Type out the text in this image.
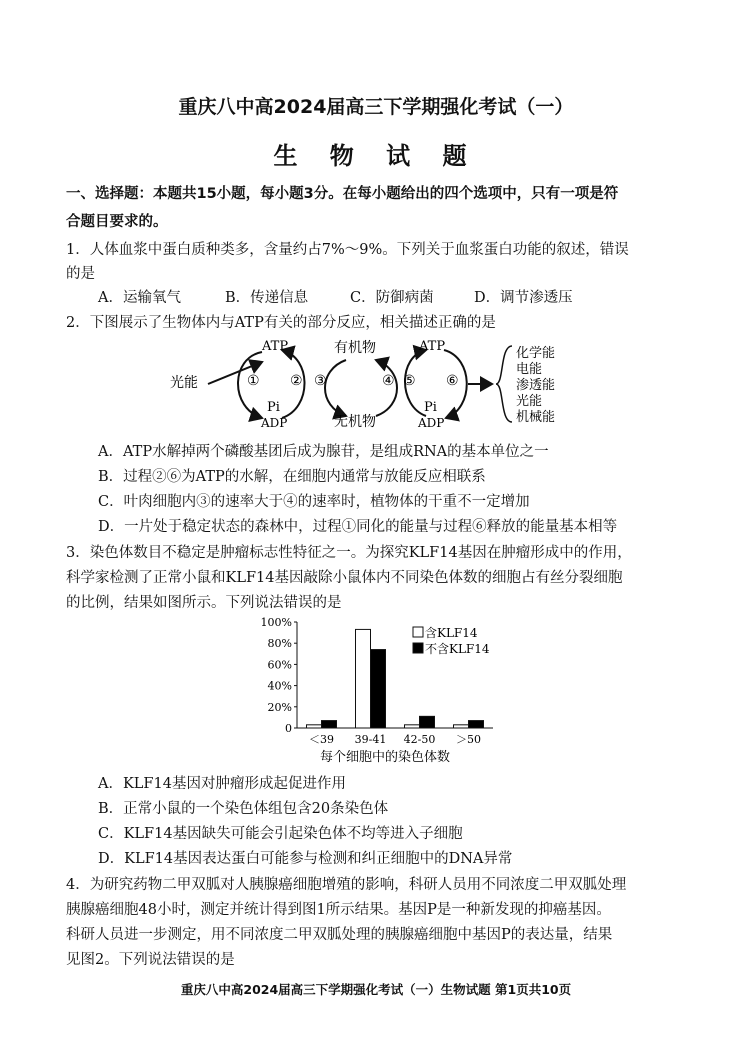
重庆八中高2024届高三下学期强化考试（一）
生 物 试 题
一、选择题：本题共15小题，每小题3分。在每小题给出的四个选项中，只有一项是符
合题目要求的。
1．人体血浆中蛋白质种类多，含量约占7%～9%。下列关于血浆蛋白功能的叙述，错误
的是
A．运输氧气	B．传递信息	C．防御病菌	D．调节渗透压
2．下图展示了生物体内与ATP有关的部分反应，相关描述正确的是
光能
ATP
Pi
ADP
① ② ③	④ ⑤ ⑥
有机物
无机物
ATP
Pi
ADP
化学能
电能
渗透能
光能
机械能
A．ATP水解掉两个磷酸基团后成为腺苷，是组成RNA的基本单位之一
B．过程②⑥为ATP的水解，在细胞内通常与放能反应相联系
C．叶肉细胞内③的速率大于④的速率时，植物体的干重不一定增加
D．一片处于稳定状态的森林中，过程①同化的能量与过程⑥释放的能量基本相等
3．染色体数目不稳定是肿瘤标志性特征之一。为探究KLF14基因在肿瘤形成中的作用，
科学家检测了正常小鼠和KLF14基因敲除小鼠体内不同染色体数的细胞占有丝分裂细胞
的比例，结果如图所示。下列说法错误的是
100%
80%
60%
40%
20%
0
＜39 39-41 42-50 ＞50
每个细胞中的染色体数
含KLF14
不含KLF14
A．KLF14基因对肿瘤形成起促进作用
B．正常小鼠的一个染色体组包含20条染色体
C．KLF14基因缺失可能会引起染色体不均等进入子细胞
D．KLF14基因表达蛋白可能参与检测和纠正细胞中的DNA异常
4．为研究药物二甲双胍对人胰腺癌细胞增殖的影响，科研人员用不同浓度二甲双胍处理
胰腺癌细胞48小时，测定并统计得到图1所示结果。基因P是一种新发现的抑癌基因。
科研人员进一步测定，用不同浓度二甲双胍处理的胰腺癌细胞中基因P的表达量，结果
见图2。下列说法错误的是
重庆八中高2024届高三下学期强化考试（一）生物试题 第1页共10页
